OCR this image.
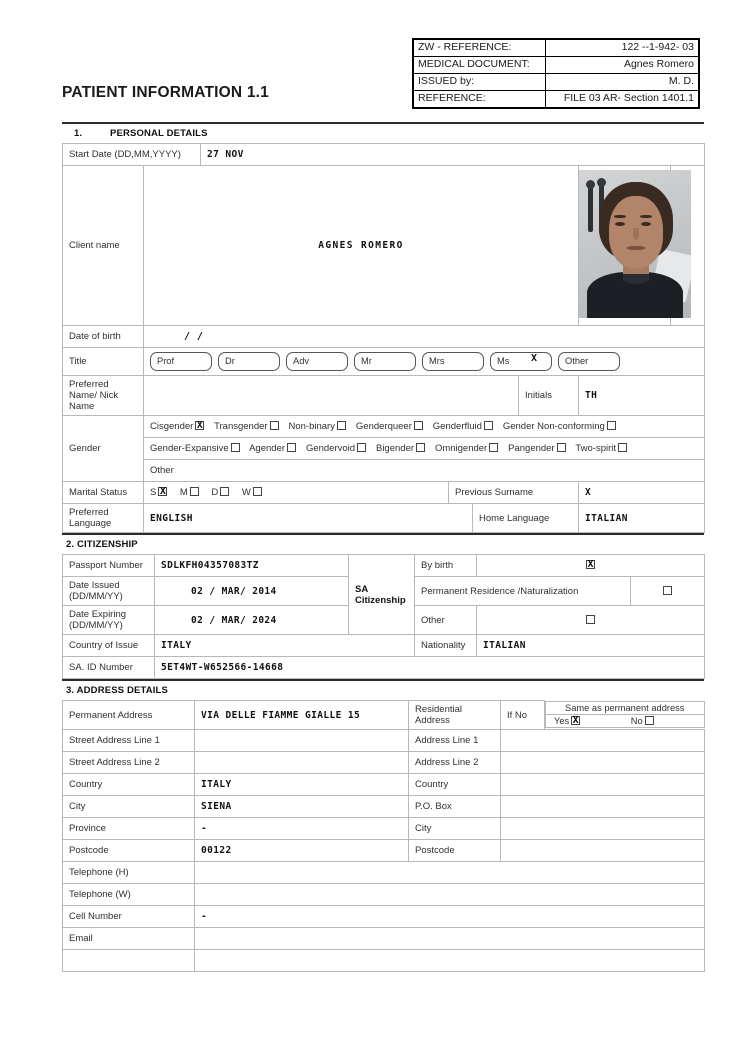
ZW - REFERENCE:	122 --1-942- 03
MEDICAL DOCUMENT:	Agnes Romero
ISSUED by:	M. D.
REFERENCE:	FILE 03 AR- Section 1401.1
PATIENT INFORMATION 1.1
1.	PERSONAL DETAILS
Start Date (DD,MM,YYYY)		27 NOV					
Client name	AGNES ROMERO					

Date of birth	/ /						
Title	Prof Dr Adv Mr Mrs Ms X Other						
Preferred Name/ Nick Name					Initials	TH	
Gender	Cisgender X Transgender Non-binary Genderqueer Genderfluid Gender Non-conforming
	Gender-Expansive Agender Gendervoid Bigender Omnigender Pangender Two-spirit						
	Other						
Marital Status	S X M D W		Previous Surname			X	
Preferred Language	ENGLISH			Home Language		ITALIAN	
2. CITIZENSHIP
Passport Number	SDLKFH04357083TZ	SA Citizenship	By birth	X
Date Issued (DD/MM/YY)	02 / MAR/ 2014		Permanent Residence /Naturalization		
Date Expiring (DD/MM/YY)	02 / MAR/ 2024		Other		
Country of Issue	ITALY		Nationality	ITALIAN	
SA. ID Number	5ET4WT-W652566-14668				
3. ADDRESS DETAILS
Permanent Address	VIA DELLE FIAMME GIALLE 15	Residential Address	If No	Same as permanent address
Yes X No

Street Address Line 1		Address Line 1		
Street Address Line 2		Address Line 2		
Country	ITALY	Country		
City	SIENA	P.O. Box		
Province	-	City		
Postcode	00122	Postcode		
Telephone (H)				
Telephone (W)				
Cell Number	-			
Email				
